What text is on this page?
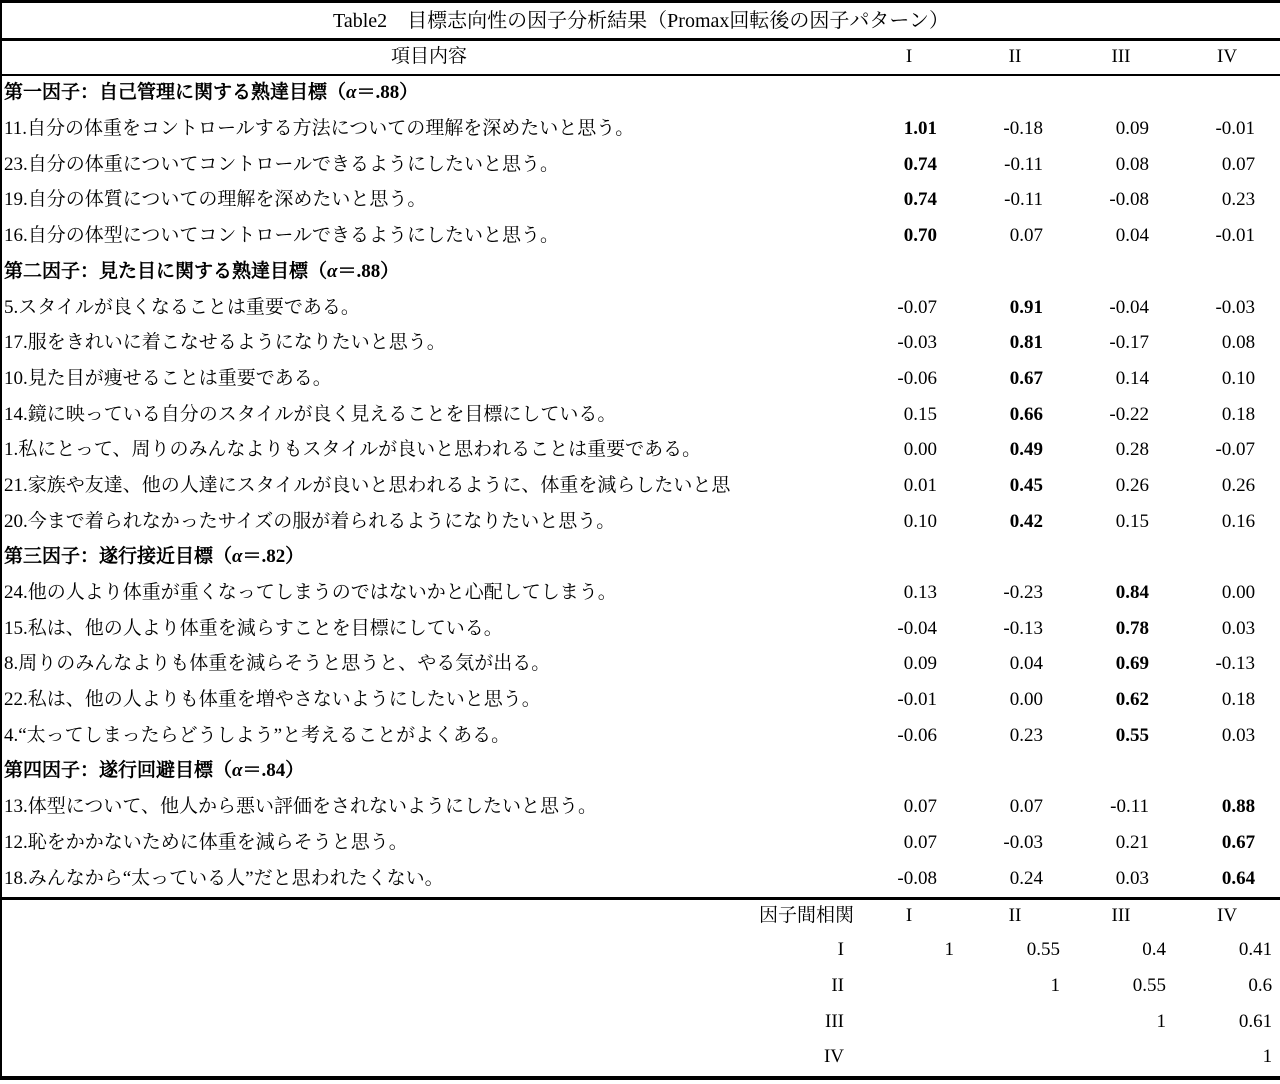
Table2　目標志向性の因子分析結果（Promax回転後の因子パターン）				
項目内容	I	II	III	IV
第一因子：自己管理に関する熟達目標（α＝.88）				
11.自分の体重をコントロールする方法についての理解を深めたいと思う。	1.01	-0.18	0.09	-0.01
23.自分の体重についてコントロールできるようにしたいと思う。	0.74	-0.11	0.08	0.07
19.自分の体質についての理解を深めたいと思う。	0.74	-0.11	-0.08	0.23
16.自分の体型についてコントロールできるようにしたいと思う。	0.70	0.07	0.04	-0.01
第二因子：見た目に関する熟達目標（α＝.88）				
5.スタイルが良くなることは重要である。	-0.07	0.91	-0.04	-0.03
17.服をきれいに着こなせるようになりたいと思う。	-0.03	0.81	-0.17	0.08
10.見た目が痩せることは重要である。	-0.06	0.67	0.14	0.10
14.鏡に映っている自分のスタイルが良く見えることを目標にしている。	0.15	0.66	-0.22	0.18
1.私にとって、周りのみんなよりもスタイルが良いと思われることは重要である。	0.00	0.49	0.28	-0.07
21.家族や友達、他の人達にスタイルが良いと思われるように、体重を減らしたいと思	0.01	0.45	0.26	0.26
20.今まで着られなかったサイズの服が着られるようになりたいと思う。	0.10	0.42	0.15	0.16
第三因子：遂行接近目標（α＝.82）				
24.他の人より体重が重くなってしまうのではないかと心配してしまう。	0.13	-0.23	0.84	0.00
15.私は、他の人より体重を減らすことを目標にしている。	-0.04	-0.13	0.78	0.03
8.周りのみんなよりも体重を減らそうと思うと、やる気が出る。	0.09	0.04	0.69	-0.13
22.私は、他の人よりも体重を増やさないようにしたいと思う。	-0.01	0.00	0.62	0.18
4.“太ってしまったらどうしよう”と考えることがよくある。	-0.06	0.23	0.55	0.03
第四因子：遂行回避目標（α＝.84）				
13.体型について、他人から悪い評価をされないようにしたいと思う。	0.07	0.07	-0.11	0.88
12.恥をかかないために体重を減らそうと思う。	0.07	-0.03	0.21	0.67
18.みんなから“太っている人”だと思われたくない。	-0.08	0.24	0.03	0.64
因子間相関	I	II	III	IV
I	1	0.55	0.4	0.41
II		1	0.55	0.6
III			1	0.61
IV				1
